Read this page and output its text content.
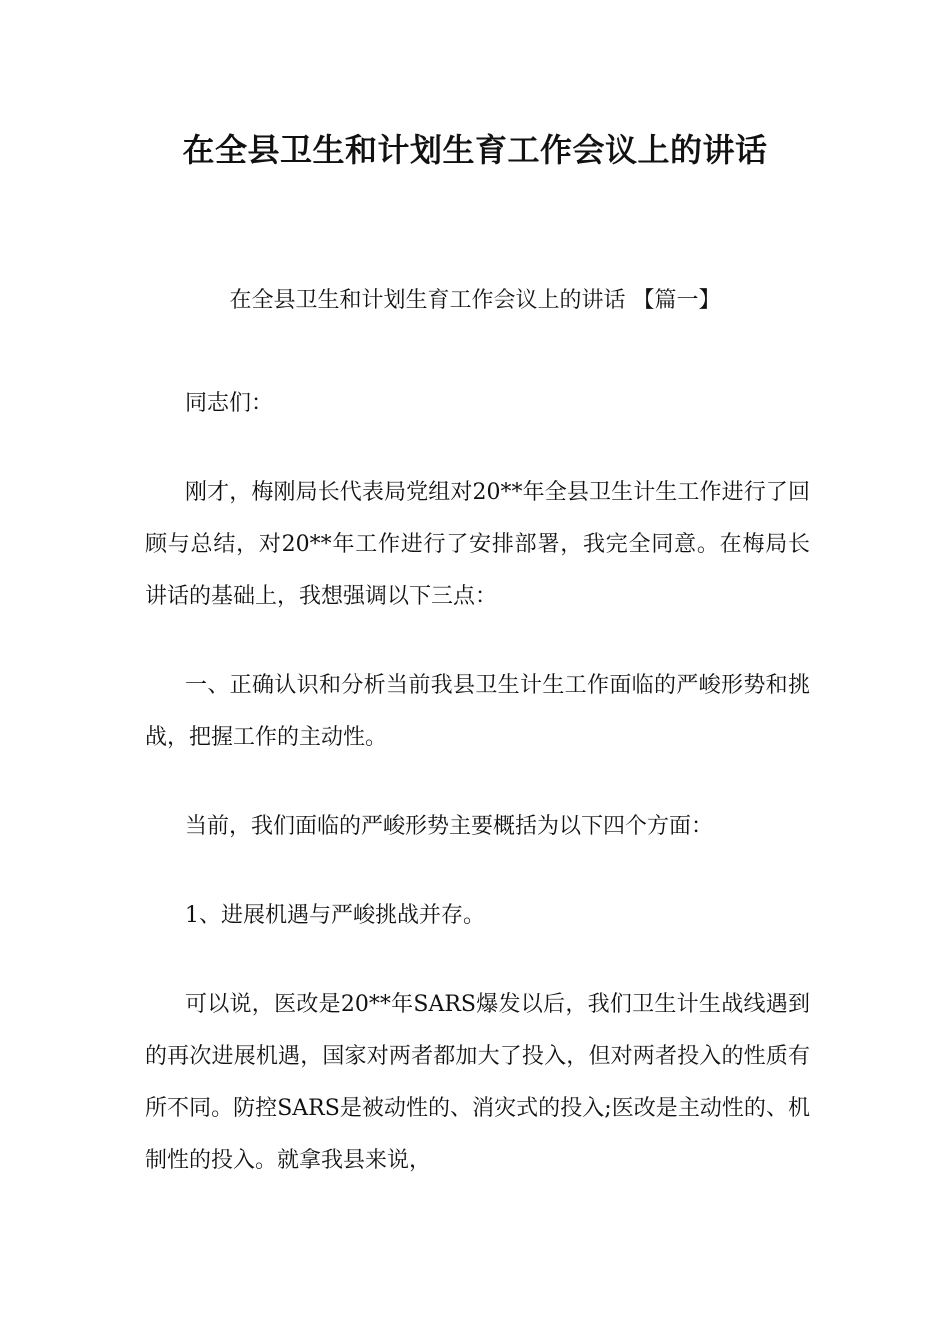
在全县卫生和计划生育工作会议上的讲话
在全县卫生和计划生育工作会议上的讲话 【篇一】

同志们：

刚才，梅刚局长代表局党组对20**年全县卫生计生工作进行了回顾与总结，对20**年工作进行了安排部署，我完全同意。在梅局长讲话的基础上，我想强调以下三点：

一、正确认识和分析当前我县卫生计生工作面临的严峻形势和挑战，把握工作的主动性。

当前，我们面临的严峻形势主要概括为以下四个方面：

1、进展机遇与严峻挑战并存。

可以说，医改是20**年SARS爆发以后，我们卫生计生战线遇到的再次进展机遇，国家对两者都加大了投入，但对两者投入的性质有所不同。防控SARS是被动性的、消灾式的投入;医改是主动性的、机制性的投入。就拿我县来说，
